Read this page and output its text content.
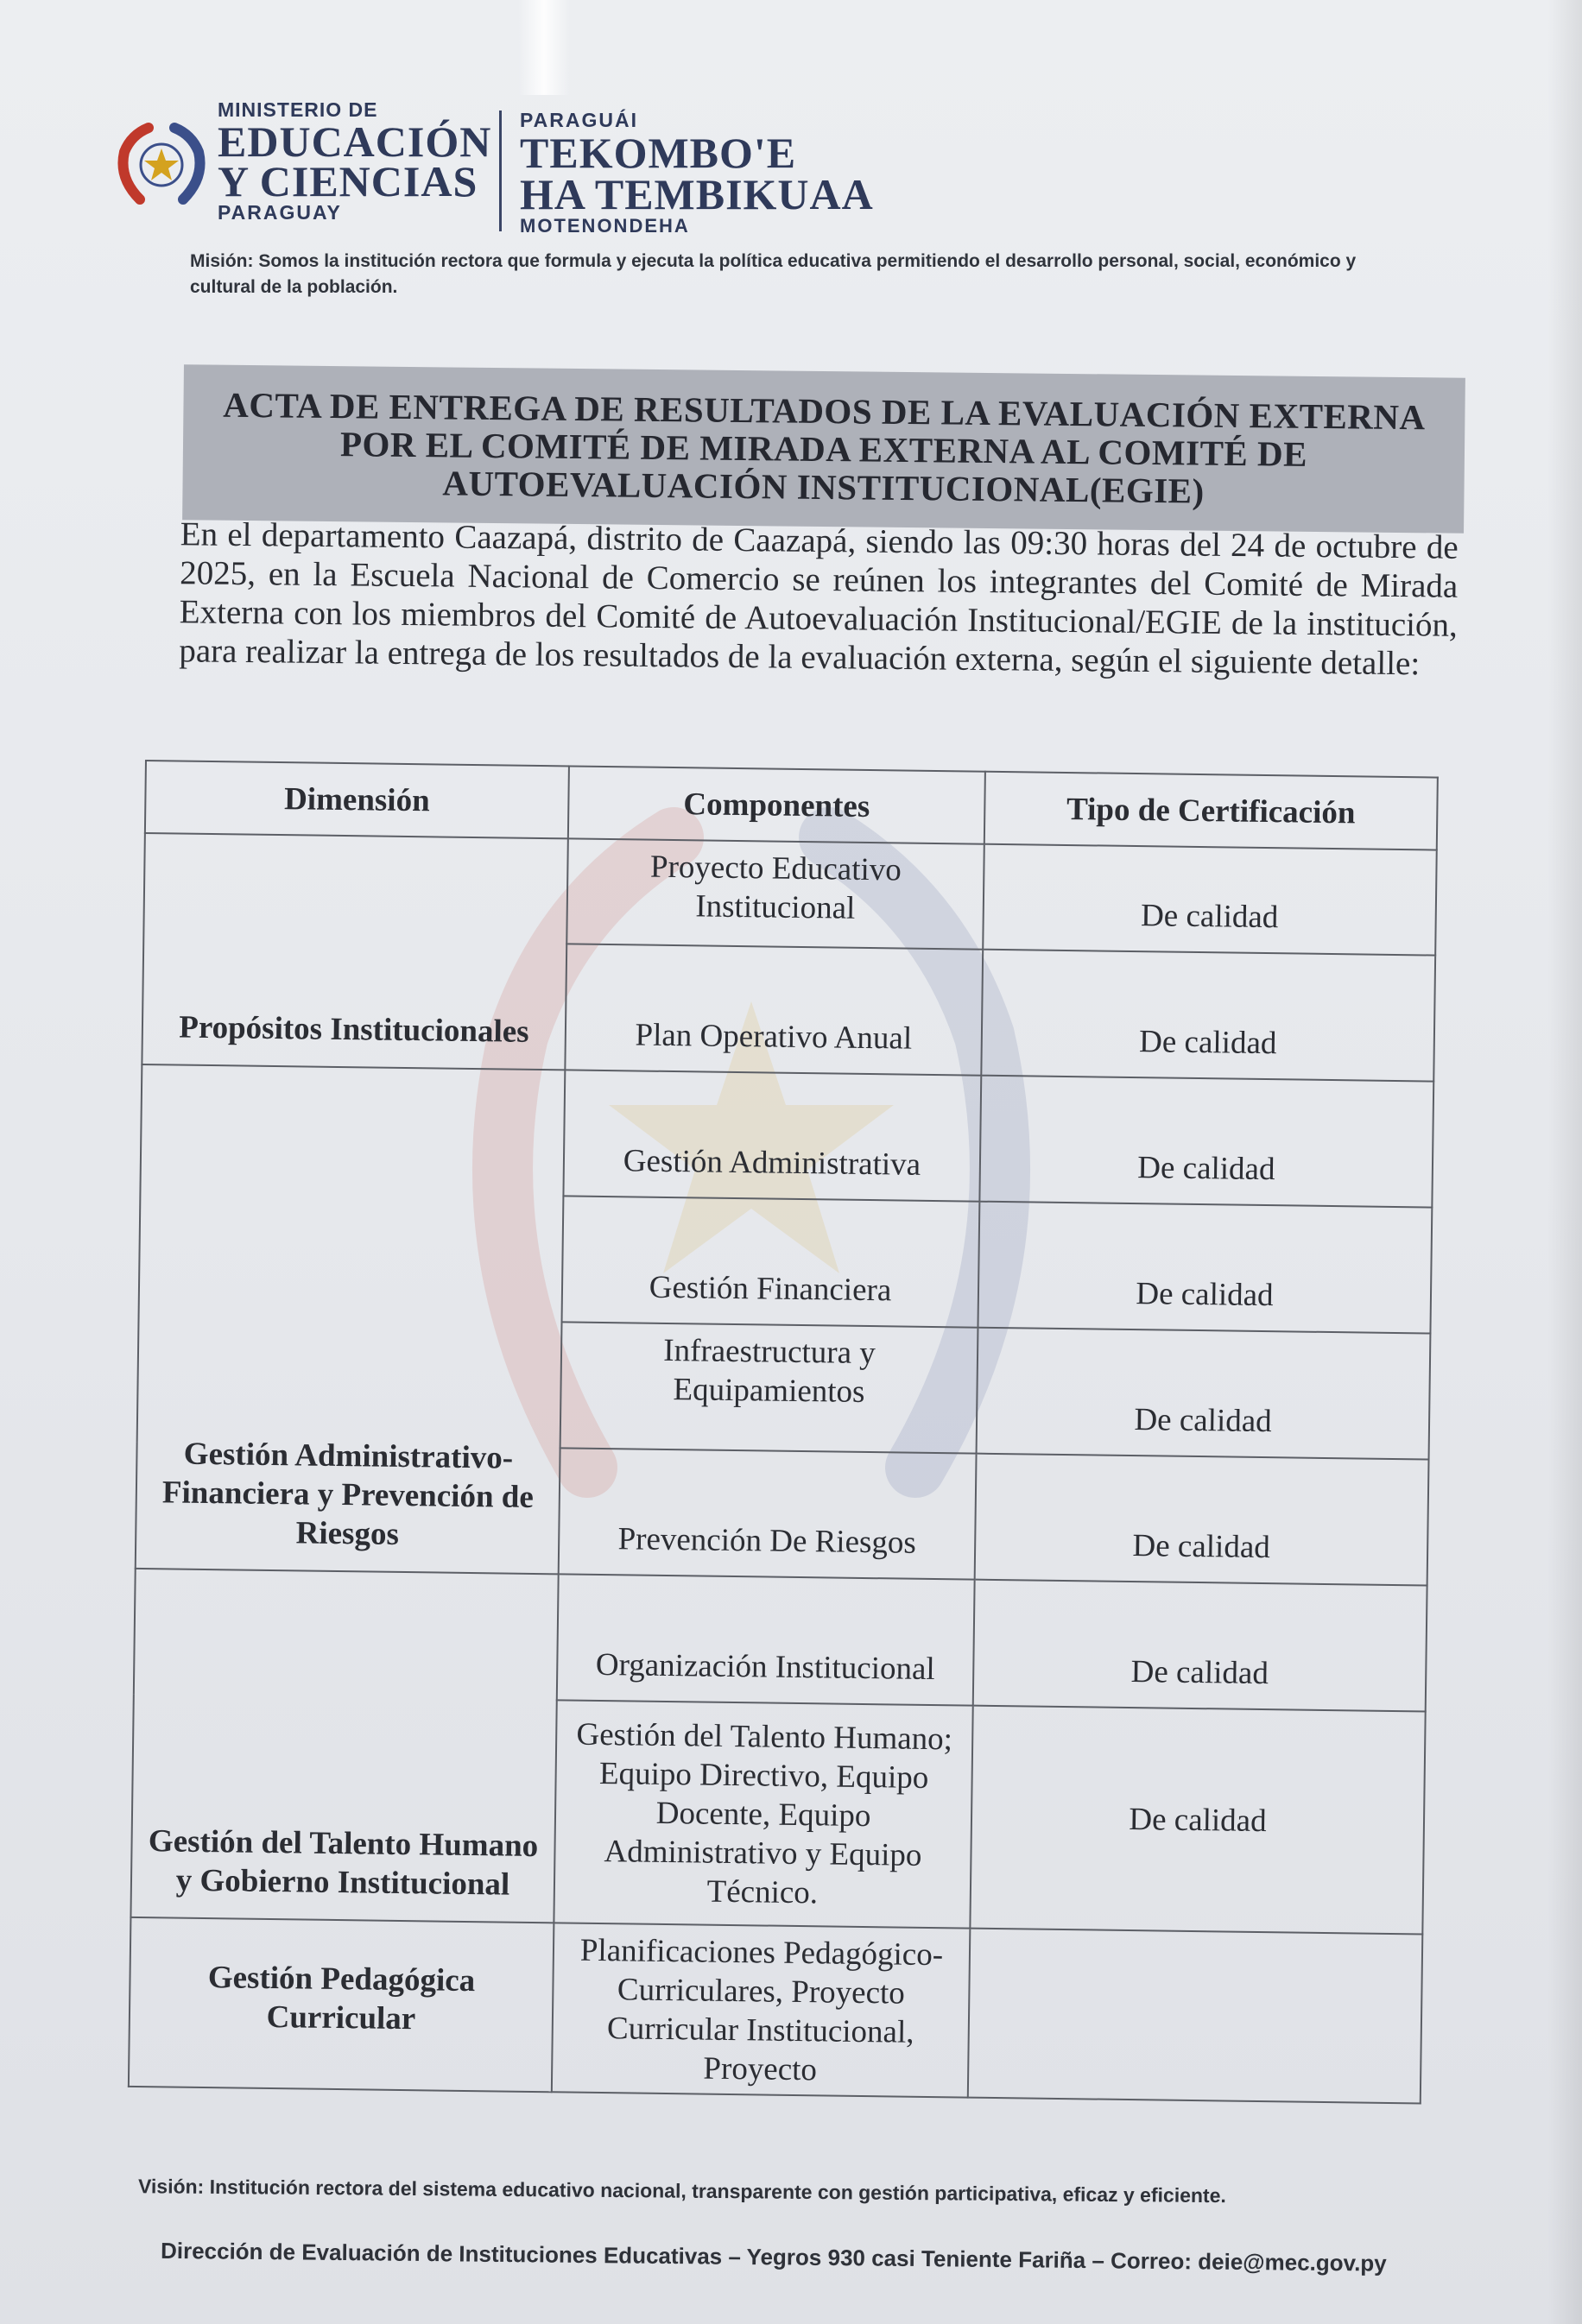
MINISTERIO DE
EDUCACIÓN
Y CIENCIAS
PARAGUAY
PARAGUÁI
TEKOMBO'E
HA TEMBIKUAA
MOTENONDEHA
Misión: Somos la institución rectora que formula y ejecuta la política educativa permitiendo el desarrollo personal, social, económico y cultural de la población.
ACTA DE ENTREGA DE RESULTADOS DE LA EVALUACIÓN EXTERNA
POR EL COMITÉ DE MIRADA EXTERNA AL COMITÉ DE
AUTOEVALUACIÓN INSTITUCIONAL(EGIE)
En el departamento Caazapá, distrito de Caazapá, siendo las 09:30 horas del 24 de octubre de 2025, en la Escuela Nacional de Comercio se reúnen los integrantes del Comité de Mirada Externa con los miembros del Comité de Autoevaluación Institucional/EGIE de la institución, para realizar la entrega de los resultados de la evaluación externa, según el siguiente detalle:
Dimensión	Componentes	Tipo de Certificación
Propósitos Institucionales	Proyecto Educativo Institucional	De calidad
	Plan Operativo Anual	De calidad
Gestión Administrativo-Financiera y Prevención de Riesgos	Gestión Administrativa	De calidad
	Gestión Financiera	De calidad
	Infraestructura y Equipamientos	De calidad
	Prevención De Riesgos	De calidad
Gestión del Talento Humano y Gobierno Institucional	Organización Institucional	De calidad
	Gestión del Talento Humano; Equipo Directivo, Equipo Docente, Equipo Administrativo y Equipo Técnico.	De calidad
Gestión Pedagógica Curricular	Planificaciones Pedagógico-Curriculares, Proyecto Curricular Institucional, Proyecto	
Visión: Institución rectora del sistema educativo nacional, transparente con gestión participativa, eficaz y eficiente.
Dirección de Evaluación de Instituciones Educativas – Yegros 930 casi Teniente Fariña – Correo: deie@mec.gov.py
